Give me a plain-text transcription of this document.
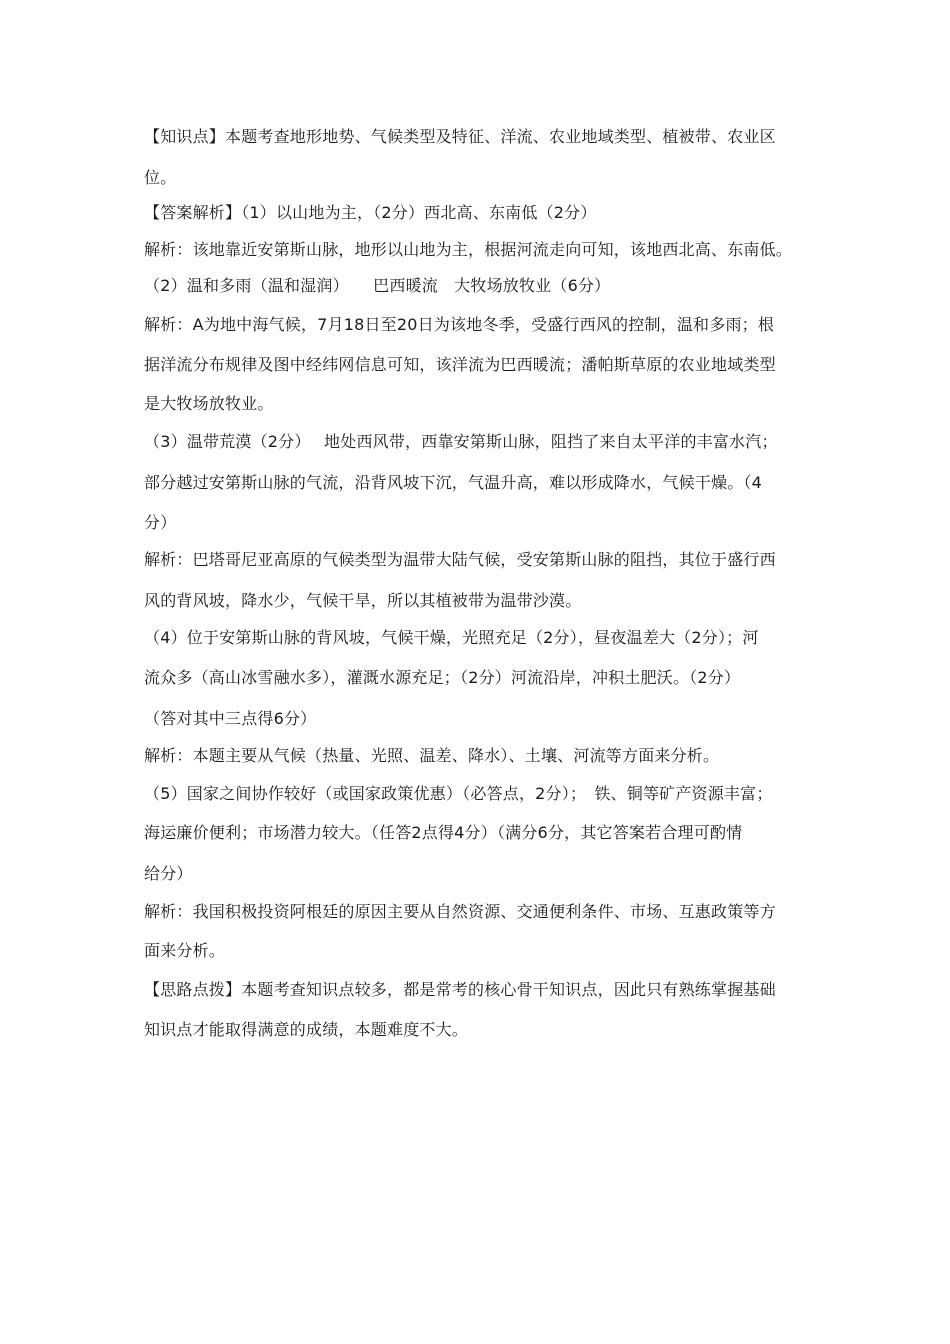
【知识点】本题考查地形地势、气候类型及特征、洋流、农业地域类型、植被带、农业区
位。
【答案解析】（1）以山地为主，（2分）西北高、东南低（2分）
解析：该地靠近安第斯山脉，地形以山地为主，根据河流走向可知，该地西北高、东南低。
（2）温和多雨（温和湿润）　　巴西暖流　大牧场放牧业（6分）
解析：A为地中海气候，7月18日至20日为该地冬季，受盛行西风的控制，温和多雨；根
据洋流分布规律及图中经纬网信息可知，该洋流为巴西暖流；潘帕斯草原的农业地域类型
是大牧场放牧业。
（3）温带荒漠（2分）　 地处西风带，西靠安第斯山脉，阻挡了来自太平洋的丰富水汽；
部分越过安第斯山脉的气流，沿背风坡下沉，气温升高，难以形成降水，气候干燥。（4
分）
解析：巴塔哥尼亚高原的气候类型为温带大陆气候，受安第斯山脉的阻挡，其位于盛行西
风的背风坡，降水少，气候干旱，所以其植被带为温带沙漠。
（4）位于安第斯山脉的背风坡，气候干燥，光照充足（2分），昼夜温差大（2分）；河
流众多（高山冰雪融水多），灌溉水源充足；（2分）河流沿岸，冲积土肥沃。（2分）
（答对其中三点得6分）
解析：本题主要从气候（热量、光照、温差、降水）、土壤、河流等方面来分析。
（5）国家之间协作较好（或国家政策优惠）（必答点，2分）；　铁、铜等矿产资源丰富；
海运廉价便利；市场潜力较大。（任答2点得4分）（满分6分，其它答案若合理可酌情
给分）
解析：我国积极投资阿根廷的原因主要从自然资源、交通便利条件、市场、互惠政策等方
面来分析。
【思路点拨】本题考查知识点较多，都是常考的核心骨干知识点，因此只有熟练掌握基础
知识点才能取得满意的成绩，本题难度不大。
